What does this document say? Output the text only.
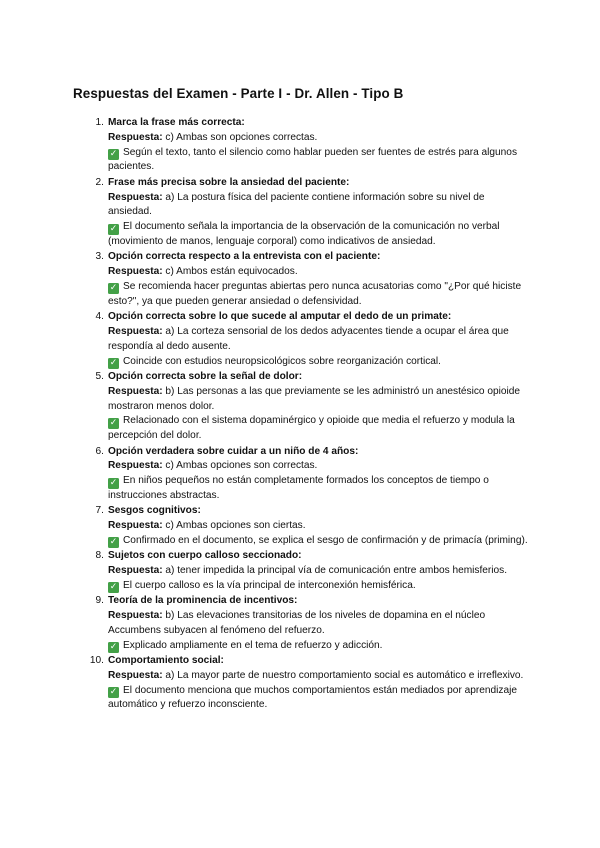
Respuestas del Examen - Parte I - Dr. Allen - Tipo B
1. Marca la frase más correcta:
Respuesta: c) Ambas son opciones correctas.
✓ Según el texto, tanto el silencio como hablar pueden ser fuentes de estrés para algunos pacientes.
2. Frase más precisa sobre la ansiedad del paciente:
Respuesta: a) La postura física del paciente contiene información sobre su nivel de ansiedad.
✓ El documento señala la importancia de la observación de la comunicación no verbal (movimiento de manos, lenguaje corporal) como indicativos de ansiedad.
3. Opción correcta respecto a la entrevista con el paciente:
Respuesta: c) Ambos están equivocados.
✓ Se recomienda hacer preguntas abiertas pero nunca acusatorias como "¿Por qué hiciste esto?", ya que pueden generar ansiedad o defensividad.
4. Opción correcta sobre lo que sucede al amputar el dedo de un primate:
Respuesta: a) La corteza sensorial de los dedos adyacentes tiende a ocupar el área que respondía al dedo ausente.
✓ Coincide con estudios neuropsicológicos sobre reorganización cortical.
5. Opción correcta sobre la señal de dolor:
Respuesta: b) Las personas a las que previamente se les administró un anestésico opioide mostraron menos dolor.
✓ Relacionado con el sistema dopaminérgico y opioide que media el refuerzo y modula la percepción del dolor.
6. Opción verdadera sobre cuidar a un niño de 4 años:
Respuesta: c) Ambas opciones son correctas.
✓ En niños pequeños no están completamente formados los conceptos de tiempo o instrucciones abstractas.
7. Sesgos cognitivos:
Respuesta: c) Ambas opciones son ciertas.
✓ Confirmado en el documento, se explica el sesgo de confirmación y de primacía (priming).
8. Sujetos con cuerpo calloso seccionado:
Respuesta: a) tener impedida la principal vía de comunicación entre ambos hemisferios.
✓ El cuerpo calloso es la vía principal de interconexión hemisférica.
9. Teoría de la prominencia de incentivos:
Respuesta: b) Las elevaciones transitorias de los niveles de dopamina en el núcleo Accumbens subyacen al fenómeno del refuerzo.
✓ Explicado ampliamente en el tema de refuerzo y adicción.
10. Comportamiento social:
Respuesta: a) La mayor parte de nuestro comportamiento social es automático e irreflexivo.
✓ El documento menciona que muchos comportamientos están mediados por aprendizaje automático y refuerzo inconsciente.
